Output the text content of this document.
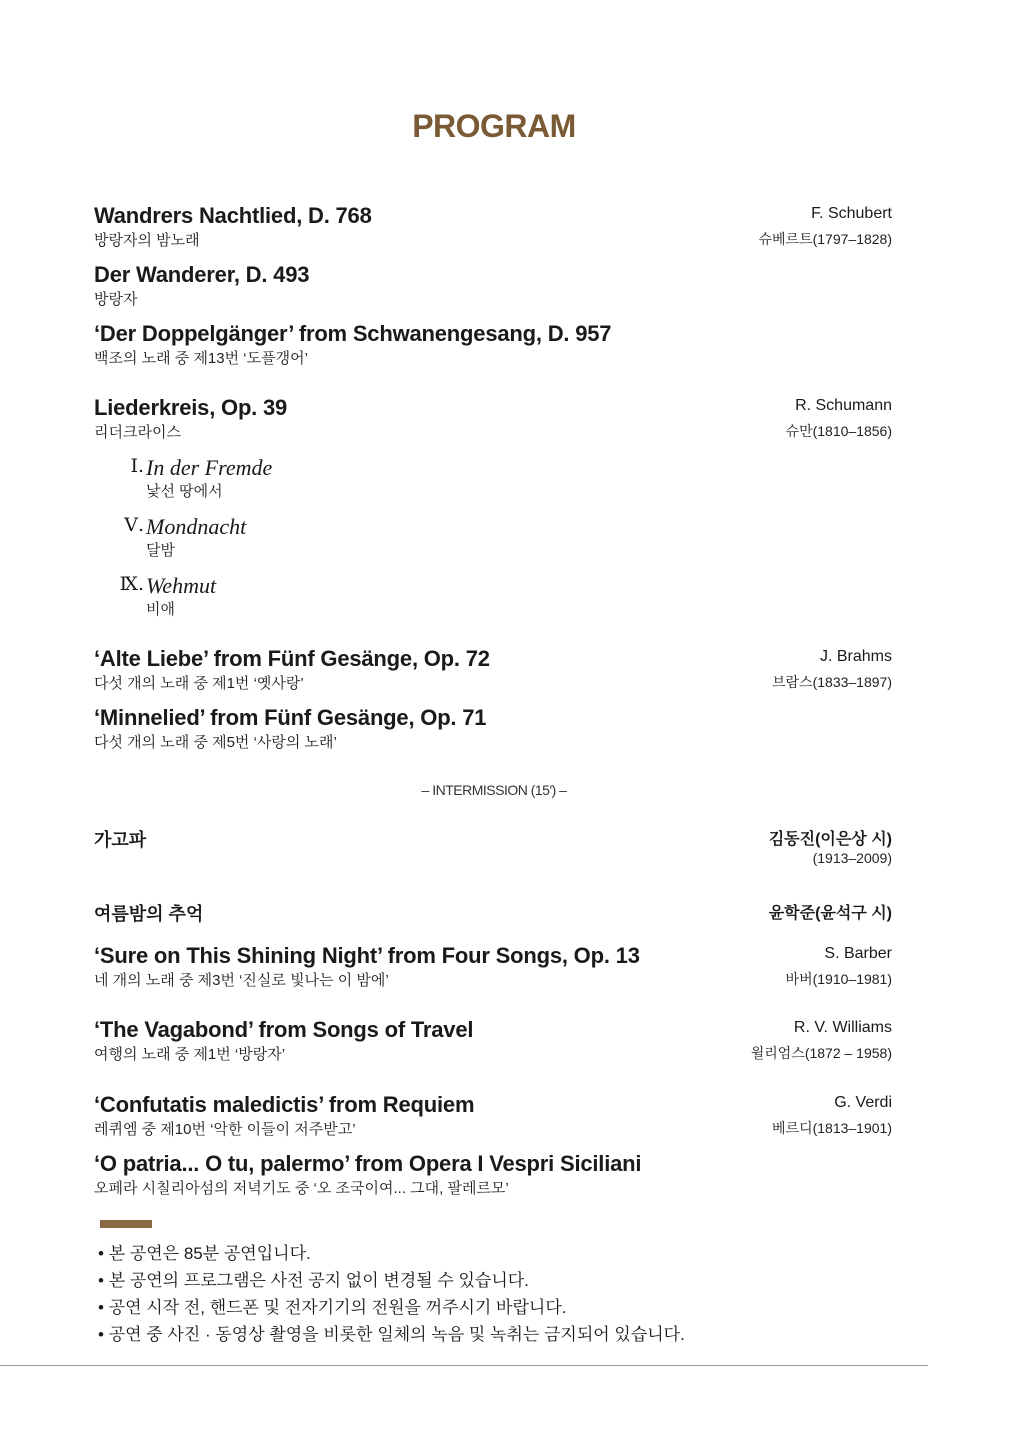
PROGRAM
Wandrers Nachtlied, D. 768
방랑자의 밤노래
F. Schubert
슈베르트(1797–1828)
Der Wanderer, D. 493
방랑자
‘Der Doppelgänger’ from Schwanengesang, D. 957
백조의 노래 중 제13번 ‘도플갱어’
Liederkreis, Op. 39
리더크라이스
R. Schumann
슈만(1810–1856)
Ⅰ. In der Fremde
낯선 땅에서
Ⅴ. Mondnacht
달밤
Ⅸ. Wehmut
비애
‘Alte Liebe’ from Fünf Gesänge, Op. 72
다섯 개의 노래 중 제1번 ‘옛사랑’
J. Brahms
브람스(1833–1897)
‘Minnelied’ from Fünf Gesänge, Op. 71
다섯 개의 노래 중 제5번 ‘사랑의 노래’
– INTERMISSION (15′) –
가고파	김동진(이은상 시)
(1913–2009)
여름밤의 추억	윤학준(윤석구 시)
‘Sure on This Shining Night’ from Four Songs, Op. 13
네 개의 노래 중 제3번 ‘진실로 빛나는 이 밤에’
S. Barber
바버(1910–1981)
‘The Vagabond’ from Songs of Travel
여행의 노래 중 제1번 ‘방랑자’
R. V. Williams
윌리엄스(1872 – 1958)
‘Confutatis maledictis’ from Requiem
레퀴엠 중 제10번 ‘악한 이들이 저주받고’
G. Verdi
베르디(1813–1901)
‘O patria... O tu, palermo’ from Opera I Vespri Siciliani
오페라 시칠리아섬의 저녁기도 중 ‘오 조국이여... 그대, 팔레르모’
• 본 공연은 85분 공연입니다.
• 본 공연의 프로그램은 사전 공지 없이 변경될 수 있습니다.
• 공연 시작 전, 핸드폰 및 전자기기의 전원을 꺼주시기 바랍니다.
• 공연 중 사진 · 동영상 촬영을 비롯한 일체의 녹음 및 녹취는 금지되어 있습니다.
